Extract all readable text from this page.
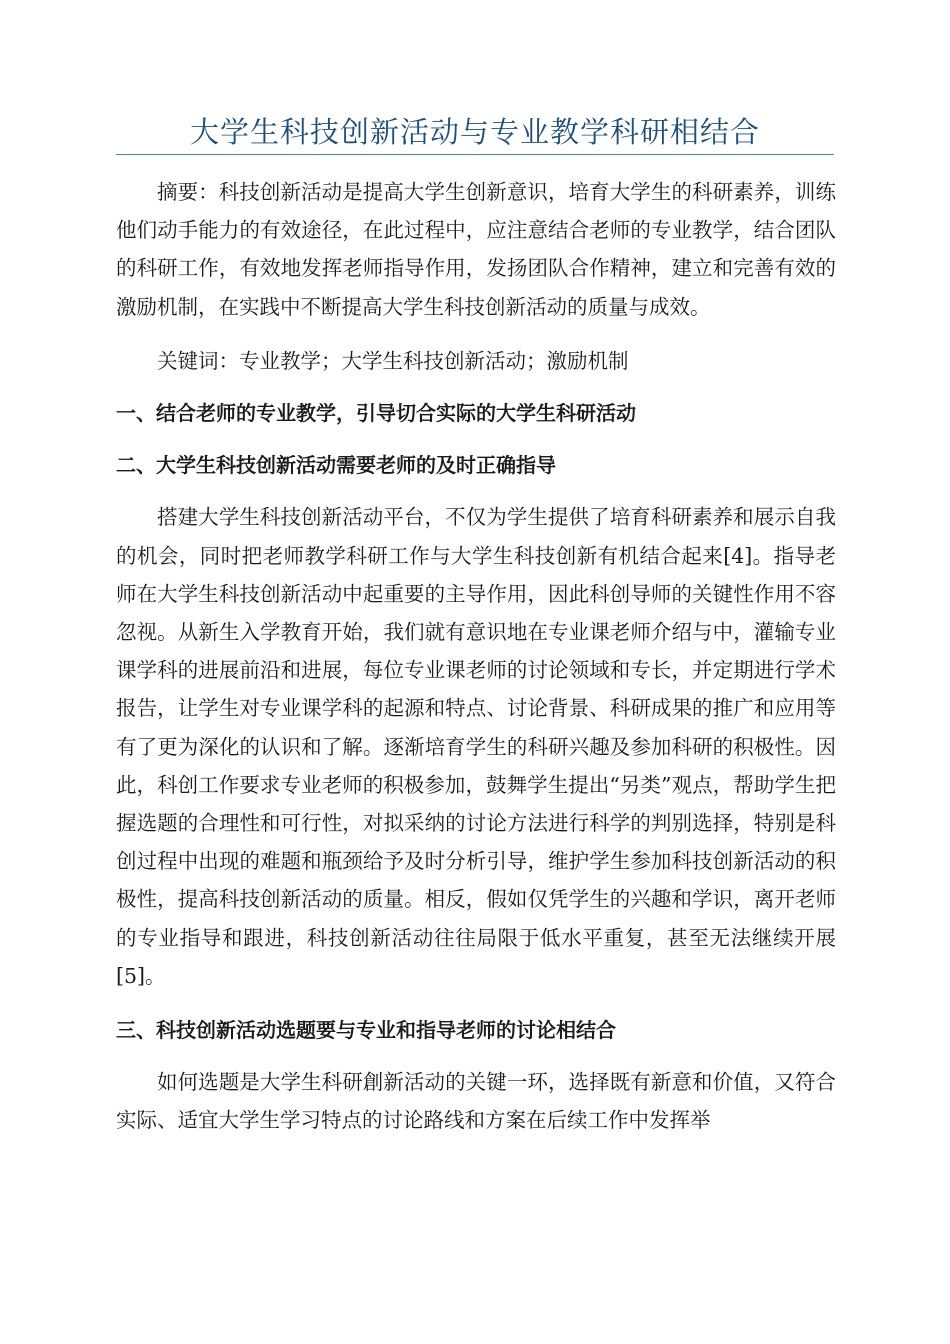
大学生科技创新活动与专业教学科研相结合

摘要：科技创新活动是提高大学生创新意识，培育大学生的科研素养，训练他们动手能力的有效途径，在此过程中，应注意结合老师的专业教学，结合团队的科研工作，有效地发挥老师指导作用，发扬团队合作精神，建立和完善有效的激励机制，在实践中不断提高大学生科技创新活动的质量与成效。

关键词：专业教学；大学生科技创新活动；激励机制

一、结合老师的专业教学，引导切合实际的大学生科研活动

二、大学生科技创新活动需要老师的及时正确指导

搭建大学生科技创新活动平台，不仅为学生提供了培育科研素养和展示自我的机会，同时把老师教学科研工作与大学生科技创新有机结合起来[4]。指导老师在大学生科技创新活动中起重要的主导作用，因此科创导师的关键性作用不容忽视。从新生入学教育开始，我们就有意识地在专业课老师介绍与中，灌输专业课学科的进展前沿和进展，每位专业课老师的讨论领域和专长，并定期进行学术报告，让学生对专业课学科的起源和特点、讨论背景、科研成果的推广和应用等有了更为深化的认识和了解。逐渐培育学生的科研兴趣及参加科研的积极性。因此，科创工作要求专业老师的积极参加，鼓舞学生提出“另类”观点，帮助学生把握选题的合理性和可行性，对拟采纳的讨论方法进行科学的判别选择，特别是科创过程中出现的难题和瓶颈给予及时分析引导，维护学生参加科技创新活动的积极性，提高科技创新活动的质量。相反，假如仅凭学生的兴趣和学识，离开老师的专业指导和跟进，科技创新活动往往局限于低水平重复，甚至无法继续开展[5]。

三、科技创新活动选题要与专业和指导老师的讨论相结合

如何选题是大学生科研創新活动的关键一环，选择既有新意和价值，又符合实际、适宜大学生学习特点的讨论路线和方案在后续工作中发挥举
